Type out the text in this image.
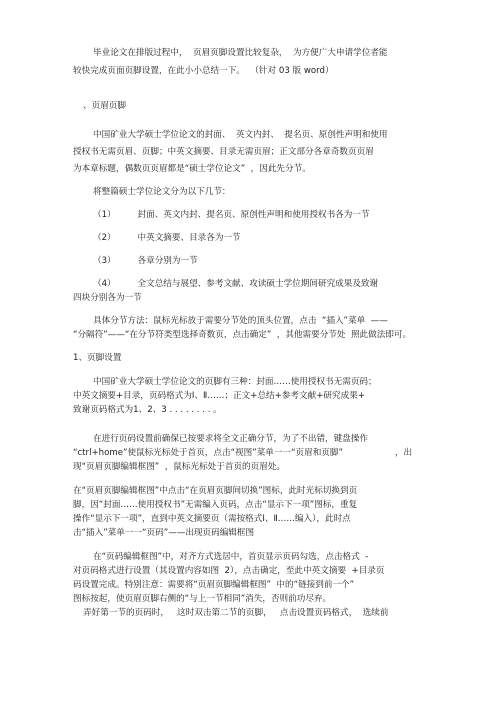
毕业论文在排版过程中，  页眉页脚设置比较复杂，  为方便广大申请学位者能

较快完成页面页脚设置，在此小小总结一下。  （针对 03 版 word）

、页眉页脚

中国矿业大学硕士学位论文的封面、  英文内封、  提名页、原创性声明和使用

授权书无需页眉、页脚；中英文摘要、目录无需页眉；正文部分各章奇数页页眉

为本章标题，偶数页页眉都是“硕士学位论文”  ，因此先分节。

将整篇硕士学位论文分为以下几节：

（1）        封面、英文内封、提名页、原创性声明和使用授权书各为一节

（2）        中英文摘要、目录各为一节

（3）        各章分别为一节

（4）        全文总结与展望、参考文献、攻读硕士学位期间研究成果及致谢

四块分别各为一节

具体分节方法：鼠标光标放于需要分节处的顶头位置，点击  “插入”菜单  ——

“分隔符”——“在分节符类型选择奇数页，点击确定”  ，其他需要分节处  照此做法即可。

1、页脚设置

中国矿业大学硕士学位论文的页脚有三种：封面……使用授权书无需页码；

中英文摘要+目录，页码格式为Ⅰ、Ⅱ……；正文+总结+参考文献+研究成果+

致谢页码格式为1、2、3 . . . . . . . . 。

在进行页码设置前确保已按要求将全文正确分节，为了不出错，键盘操作

“ctrl+home”使鼠标光标处于首页，点击“视图”菜单一一“页眉和页脚”                   ，出

现“页眉页脚编辑框图”  ，鼠标光标处于首页的页眉处。

在“页眉页脚编辑框图”中点击“在页眉页脚间切换”图标，此时光标切换到页

脚，因“封面……使用授权书”无需编入页码，点击“显示下一项”图标，重复

操作“显示下一项”，直到中英文摘要页（需按格式Ⅰ、Ⅱ……编入），此时点

击“插入”菜单一一“页码”——出现页码编辑框图

在“页码编辑框图”中，对齐方式选居中，首页显示页码勾选，点击格式  -

对页码格式进行设置（其设置内容如图  2），点击确定，至此中英文摘要  +目录页

码设置完成。特别注意：需要将“页眉页脚编辑框图”  中的“链接到前一个”

图标按起，使页眉页脚右侧的“与上一节相同”消失，否则前功尽弃。

弄好第一节的页码时，   这时双击第二节的页脚，   点击设置页码格式，  选续前
